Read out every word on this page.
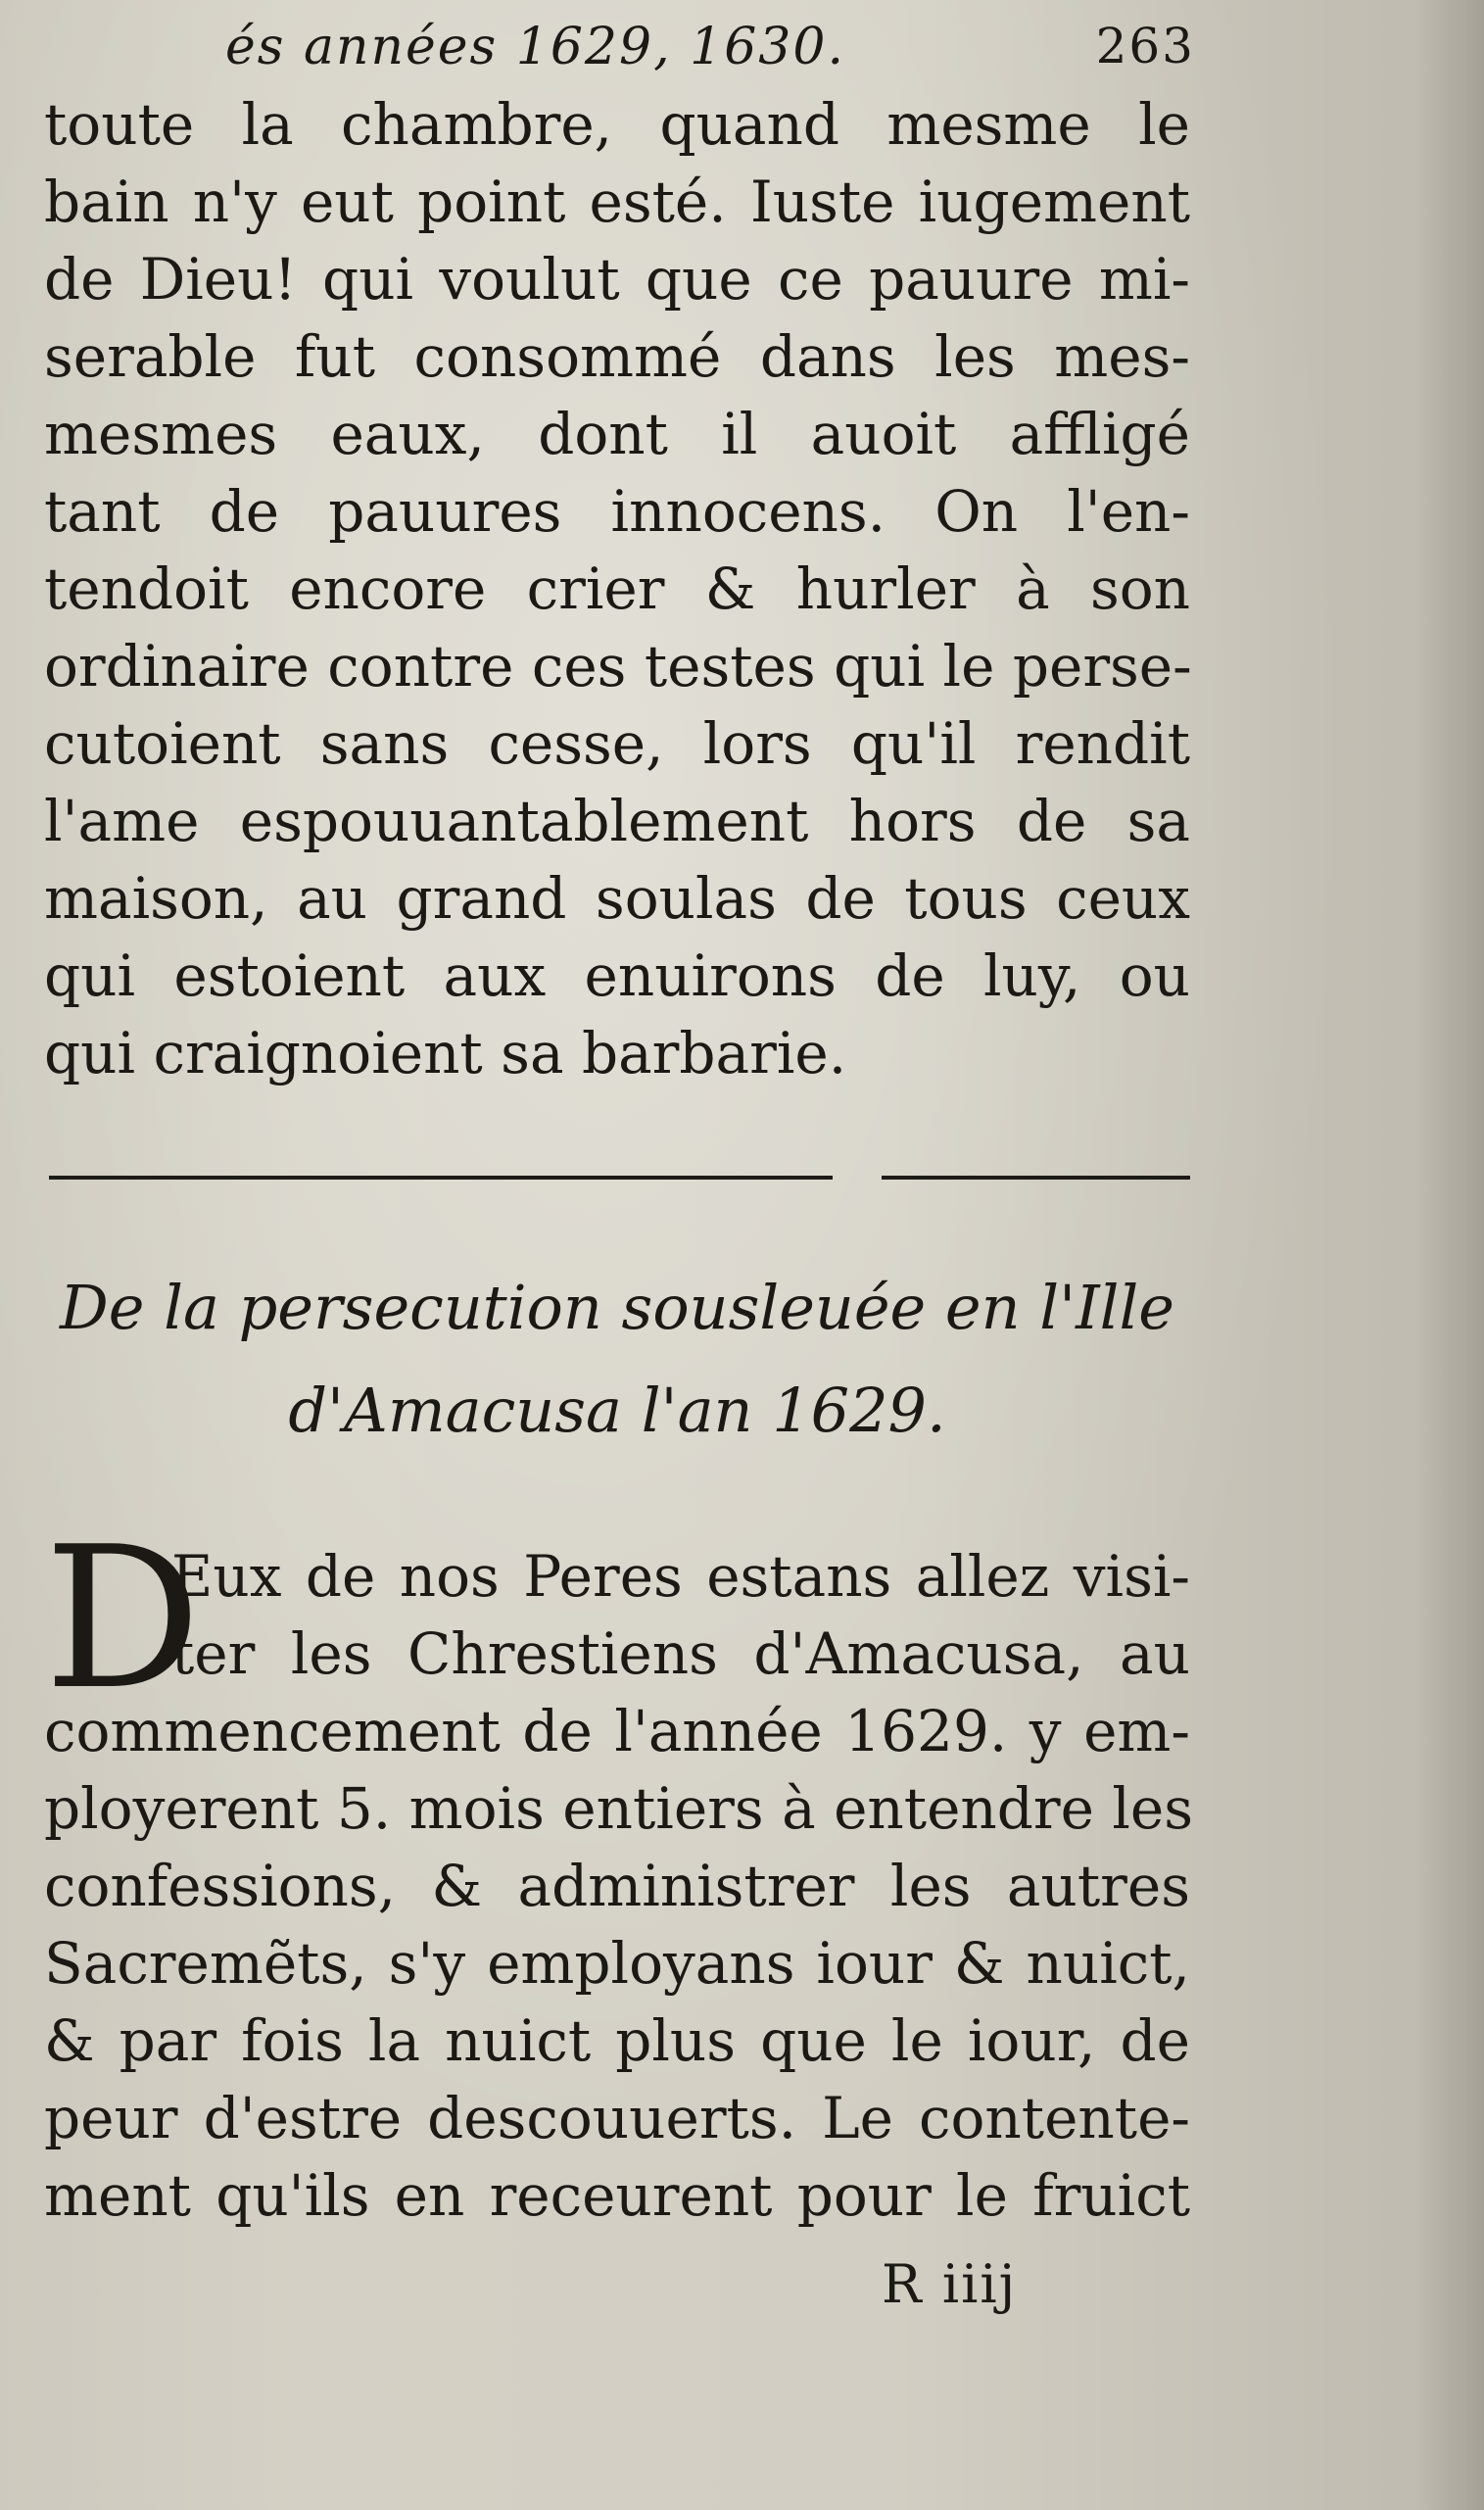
és années 1629, 1630.	263
toute la chambre, quand mesme le
bain n'y eut point esté. Iuste iugement
de Dieu! qui voulut que ce pauure mi-
serable fut consommé dans les mes-
mesmes eaux, dont il auoit affligé
tant de pauures innocens. On l'en-
tendoit encore crier & hurler à son
ordinaire contre ces testes qui le perse-
cutoient sans cesse, lors qu'il rendit
l'ame espouuantablement hors de sa
maison, au grand soulas de tous ceux
qui estoient aux enuirons de luy, ou
qui craignoient sa barbarie.
De la persecution sousleuée en l'Ille
d'Amacusa l'an 1629.
D
Eux de nos Peres estans allez visi-
ter les Chrestiens d'Amacusa, au
commencement de l'année 1629. y em-
ployerent 5. mois entiers à entendre les
confessions, & administrer les autres
Sacremẽts, s'y employans iour & nuict,
& par fois la nuict plus que le iour, de
peur d'estre descouuerts. Le contente-
ment qu'ils en receurent pour le fruict
R iiij
